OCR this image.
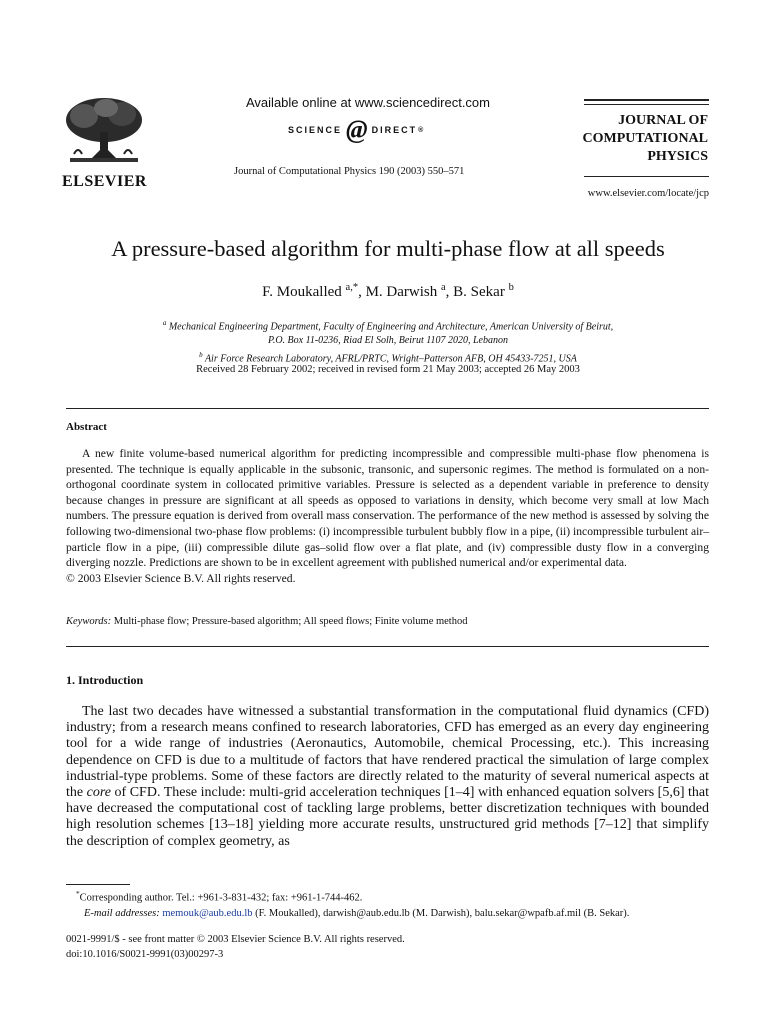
ELSEVIER
Available online at www.sciencedirect.com
SCIENCE @ DIRECT ®
Journal of Computational Physics 190 (2003) 550–571
JOURNAL OF
COMPUTATIONAL
PHYSICS
www.elsevier.com/locate/jcp
A pressure-based algorithm for multi-phase flow at all speeds
F. Moukalled $^{a,*}$, M. Darwish $^a$, B. Sekar $^b$
$^a$ Mechanical Engineering Department, Faculty of Engineering and Architecture, American University of Beirut,
P.O. Box 11-0236, Riad El Solh, Beirut 1107 2020, Lebanon
$^b$ Air Force Research Laboratory, AFRL/PRTC, Wright–Patterson AFB, OH 45433-7251, USA
Received 28 February 2002; received in revised form 21 May 2003; accepted 26 May 2003
Abstract
A new finite volume-based numerical algorithm for predicting incompressible and compressible multi-phase flow phenomena is presented. The technique is equally applicable in the subsonic, transonic, and supersonic regimes. The method is formulated on a non-orthogonal coordinate system in collocated primitive variables. Pressure is selected as a dependent variable in preference to density because changes in pressure are significant at all speeds as opposed to variations in density, which become very small at low Mach numbers. The pressure equation is derived from overall mass conservation. The performance of the new method is assessed by solving the following two-dimensional two-phase flow problems: (i) incompressible turbulent bubbly flow in a pipe, (ii) incompressible turbulent air–particle flow in a pipe, (iii) compressible dilute gas–solid flow over a flat plate, and (iv) compressible dusty flow in a converging diverging nozzle. Predictions are shown to be in excellent agreement with published numerical and/or experimental data.
© 2003 Elsevier Science B.V. All rights reserved.
Keywords: Multi-phase flow; Pressure-based algorithm; All speed flows; Finite volume method
1. Introduction
The last two decades have witnessed a substantial transformation in the computational fluid dynamics (CFD) industry; from a research means confined to research laboratories, CFD has emerged as an every day engineering tool for a wide range of industries (Aeronautics, Automobile, chemical Processing, etc.). This increasing dependence on CFD is due to a multitude of factors that have rendered practical the simulation of large complex industrial-type problems. Some of these factors are directly related to the maturity of several numerical aspects at the core of CFD. These include: multi-grid acceleration techniques [1–4] with enhanced equation solvers [5,6] that have decreased the computational cost of tackling large problems, better discretization techniques with bounded high resolution schemes [13–18] yielding more accurate results, unstructured grid methods [7–12] that simplify the description of complex geometry, as
*Corresponding author. Tel.: +961-3-831-432; fax: +961-1-744-462.
E-mail addresses: memouk@aub.edu.lb (F. Moukalled), darwish@aub.edu.lb (M. Darwish), balu.sekar@wpafb.af.mil (B. Sekar).
0021-9991/$ - see front matter © 2003 Elsevier Science B.V. All rights reserved.
doi:10.1016/S0021-9991(03)00297-3
